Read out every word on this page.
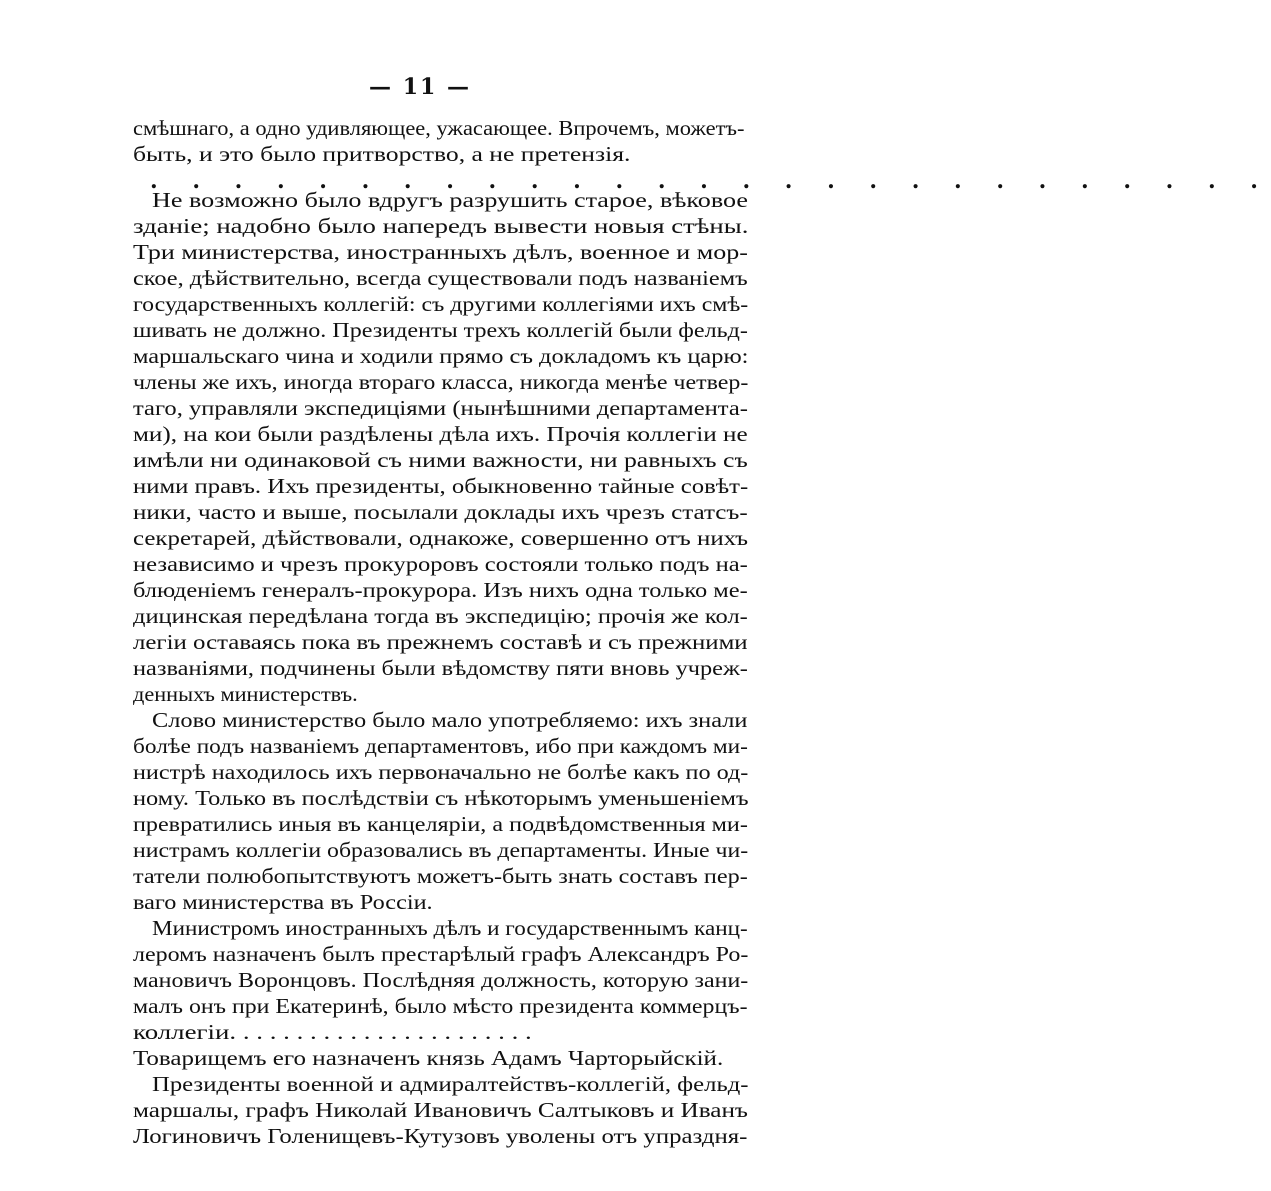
— 11 —
смѣшнаго, а одно удивляющее, ужасающее. Впрочемъ, можетъ-
быть, и это было притворство, а не претензія.
. . . . . . . . . . . . . . . . . . . . . . . . . . .
Не возможно было вдругъ разрушить старое, вѣковое
зданіе; надобно было напередъ вывести новыя стѣны.
Три министерства, иностранныхъ дѣлъ, военное и мор-
ское, дѣйствительно, всегда существовали подъ названіемъ
государственныхъ коллегій: съ другими коллегіями ихъ смѣ-
шивать не должно. Президенты трехъ коллегій были фельд-
маршальскаго чина и ходили прямо съ докладомъ къ царю:
члены же ихъ, иногда втораго класса, никогда менѣе четвер-
таго, управляли экспедиціями (нынѣшними департамента-
ми), на кои были раздѣлены дѣла ихъ. Прочія коллегіи не
имѣли ни одинаковой съ ними важности, ни равныхъ съ
ними правъ. Ихъ президенты, обыкновенно тайные совѣт-
ники, часто и выше, посылали доклады ихъ чрезъ статсъ-
секретарей, дѣйствовали, однакоже, совершенно отъ нихъ
независимо и чрезъ прокуроровъ состояли только подъ на-
блюденіемъ генералъ-прокурора. Изъ нихъ одна только ме-
дицинская передѣлана тогда въ экспедицію; прочія же кол-
легіи оставаясь пока въ прежнемъ составѣ и съ прежними
названіями, подчинены были вѣдомству пяти вновь учреж-
денныхъ министерствъ.
Слово министерство было мало употребляемо: ихъ знали
болѣе подъ названіемъ департаментовъ, ибо при каждомъ ми-
нистрѣ находилось ихъ первоначально не болѣе какъ по од-
ному. Только въ послѣдствіи съ нѣкоторымъ уменьшеніемъ
превратились иныя въ канцеляріи, а подвѣдомственныя ми-
нистрамъ коллегіи образовались въ департаменты. Иные чи-
татели полюбопытствуютъ можетъ-быть знать составъ пер-
ваго министерства въ Россіи.
Министромъ иностранныхъ дѣлъ и государственнымъ канц-
леромъ назначенъ былъ престарѣлый графъ Александръ Ро-
мановичъ Воронцовъ. Послѣдняя должность, которую зани-
малъ онъ при Екатеринѣ, было мѣсто президента коммерцъ-
коллегіи. . . . . . . . . . . . . . . . . . . . . . .
Товарищемъ его назначенъ князь Адамъ Чарторыйскій.
Президенты военной и адмиралтействъ-коллегій, фельд-
маршалы, графъ Николай Ивановичъ Салтыковъ и Иванъ
Логиновичъ Голенищевъ-Кутузовъ уволены отъ упраздня-
